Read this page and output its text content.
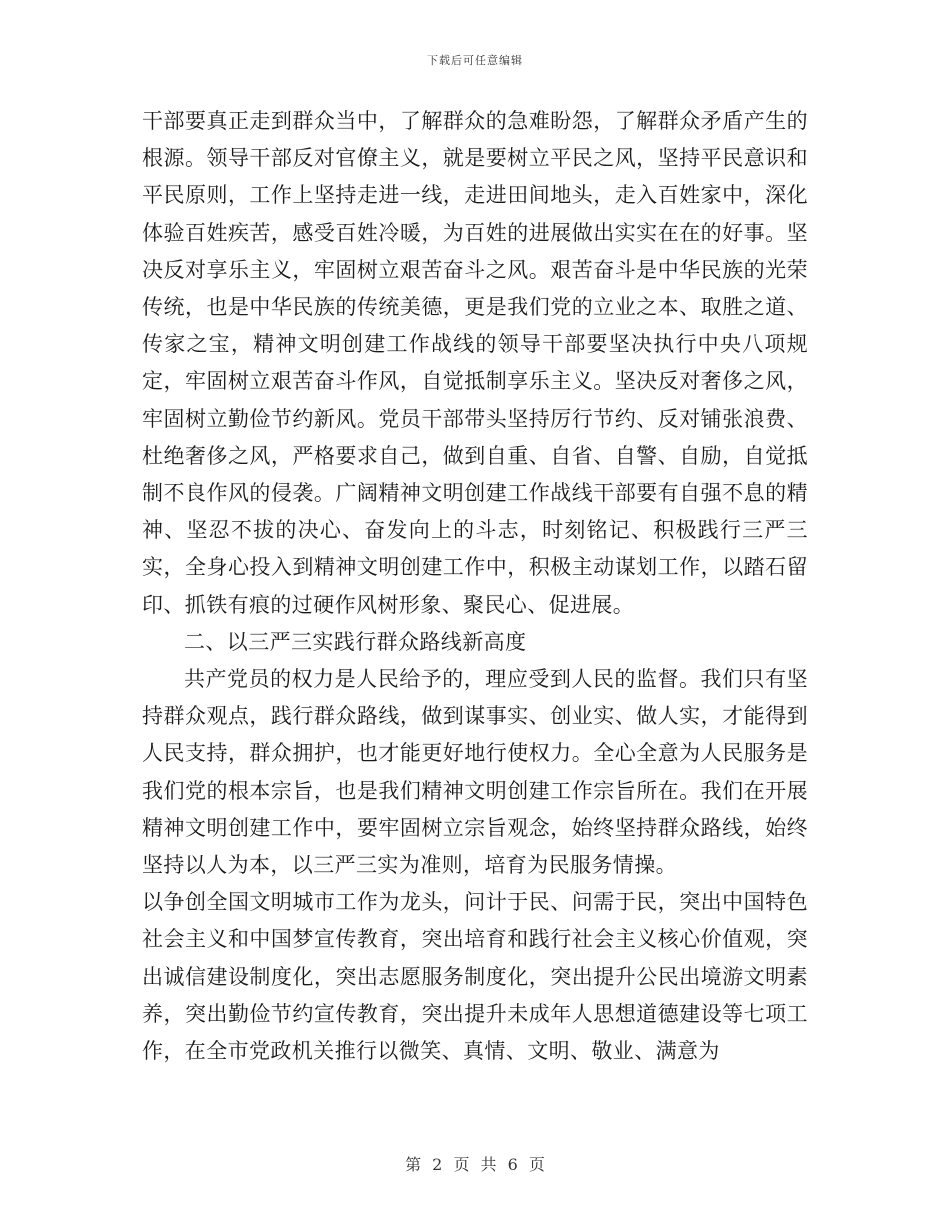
下载后可任意编辑

干部要真正走到群众当中，了解群众的急难盼怨，了解群众矛盾产生的根源。领导干部反对官僚主义，就是要树立平民之风，坚持平民意识和平民原则，工作上坚持走进一线，走进田间地头，走入百姓家中，深化体验百姓疾苦，感受百姓冷暖，为百姓的进展做出实实在在的好事。坚决反对享乐主义，牢固树立艰苦奋斗之风。艰苦奋斗是中华民族的光荣传统，也是中华民族的传统美德，更是我们党的立业之本、取胜之道、传家之宝，精神文明创建工作战线的领导干部要坚决执行中央八项规定，牢固树立艰苦奋斗作风，自觉抵制享乐主义。坚决反对奢侈之风，牢固树立勤俭节约新风。党员干部带头坚持厉行节约、反对铺张浪费、杜绝奢侈之风，严格要求自己，做到自重、自省、自警、自励，自觉抵制不良作风的侵袭。广阔精神文明创建工作战线干部要有自强不息的精神、坚忍不拔的决心、奋发向上的斗志，时刻铭记、积极践行三严三实，全身心投入到精神文明创建工作中，积极主动谋划工作，以踏石留印、抓铁有痕的过硬作风树形象、聚民心、促进展。

二、以三严三实践行群众路线新高度

共产党员的权力是人民给予的，理应受到人民的监督。我们只有坚持群众观点，践行群众路线，做到谋事实、创业实、做人实，才能得到人民支持，群众拥护，也才能更好地行使权力。全心全意为人民服务是我们党的根本宗旨，也是我们精神文明创建工作宗旨所在。我们在开展精神文明创建工作中，要牢固树立宗旨观念，始终坚持群众路线，始终坚持以人为本，以三严三实为准则，培育为民服务情操。

以争创全国文明城市工作为龙头，问计于民、问需于民，突出中国特色社会主义和中国梦宣传教育，突出培育和践行社会主义核心价值观，突出诚信建设制度化，突出志愿服务制度化，突出提升公民出境游文明素养，突出勤俭节约宣传教育，突出提升未成年人思想道德建设等七项工作，在全市党政机关推行以微笑、真情、文明、敬业、满意为

第 2 页 共 6 页
